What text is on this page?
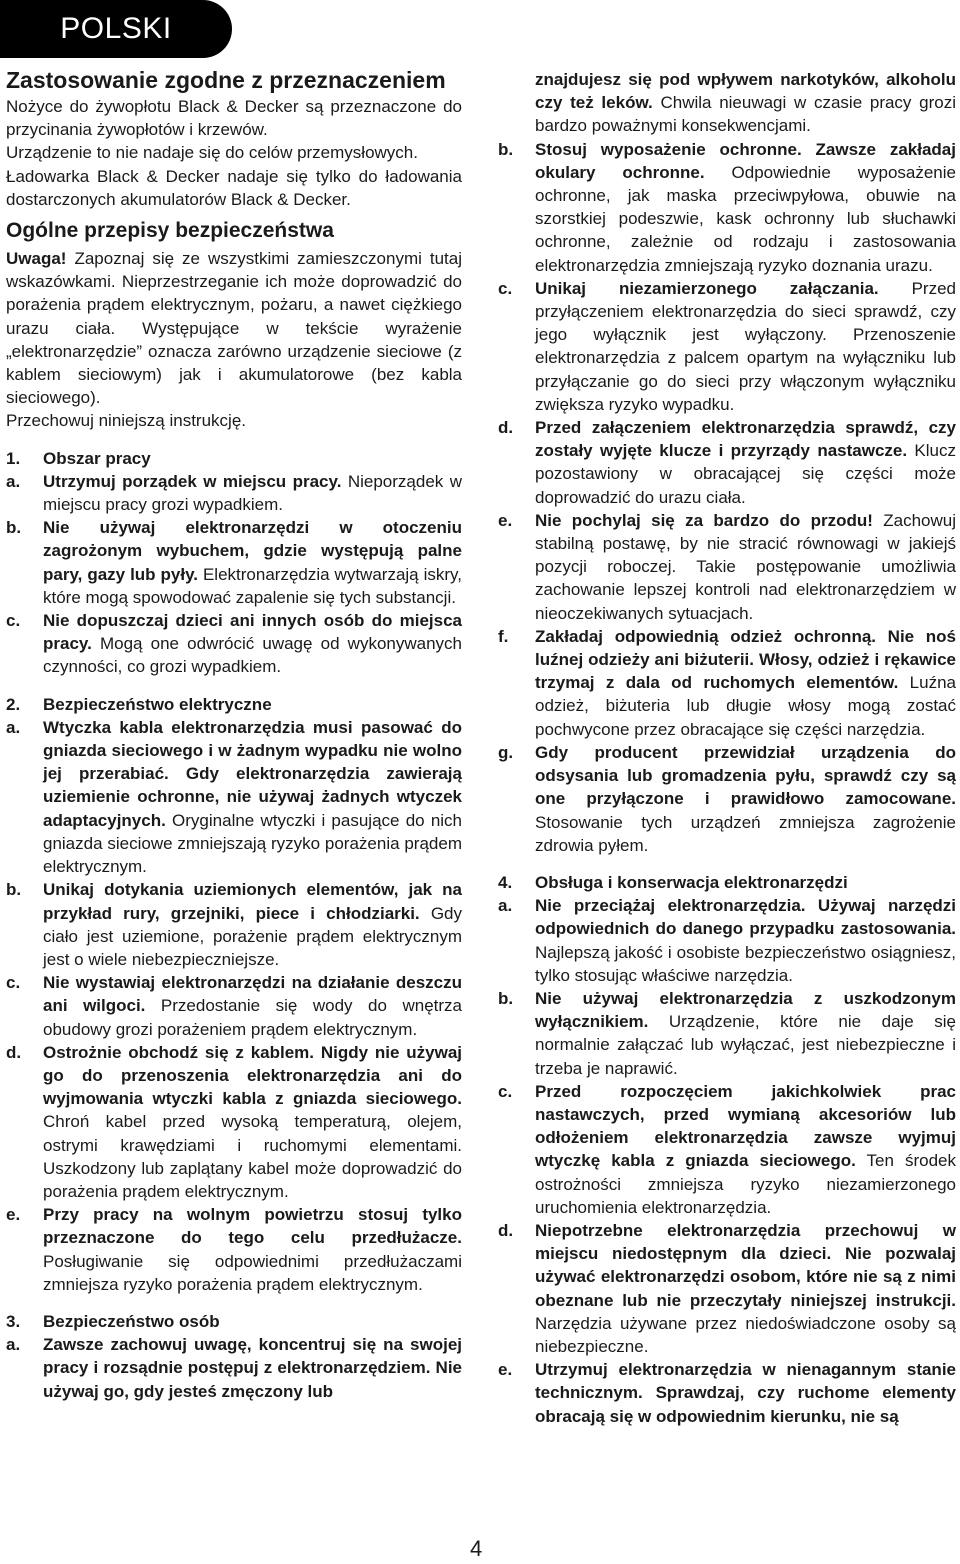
POLSKI
Zastosowanie zgodne z przeznaczeniem

Nożyce do żywopłotu Black & Decker są przeznaczone do przycinania żywopłotów i krzewów.

Urządzenie to nie nadaje się do celów przemysłowych.

Ładowarka Black & Decker nadaje się tylko do ładowania dostarczonych akumulatorów Black & Decker.

Ogólne przepisy bezpieczeństwa

Uwaga! Zapoznaj się ze wszystkimi zamieszczonymi tutaj wskazówkami. Nieprzestrzeganie ich może doprowadzić do porażenia prądem elektrycznym, pożaru, a nawet ciężkiego urazu ciała. Występujące w tekście wyrażenie „elektronarzędzie” oznacza zarówno urządzenie sieciowe (z kablem sieciowym) jak i akumulatorowe (bez kabla sieciowego).

Przechowuj niniejszą instrukcję.

1.	Obszar pracy
a.	Utrzymuj porządek w miejscu pracy. Nieporządek w miejscu pracy grozi wypadkiem.
b.	Nie używaj elektronarzędzi w otoczeniu zagrożonym wybuchem, gdzie występują palne pary, gazy lub pyły. Elektronarzędzia wytwarzają iskry, które mogą spowodować zapalenie się tych substancji.
c.	Nie dopuszczaj dzieci ani innych osób do miejsca pracy. Mogą one odwrócić uwagę od wykonywanych czynności, co grozi wypadkiem.
2.	Bezpieczeństwo elektryczne
a.	Wtyczka kabla elektronarzędzia musi pasować do gniazda sieciowego i w żadnym wypadku nie wolno jej przerabiać. Gdy elektronarzędzia zawierają uziemienie ochronne, nie używaj żadnych wtyczek adaptacyjnych. Oryginalne wtyczki i pasujące do nich gniazda sieciowe zmniejszają ryzyko porażenia prądem elektrycznym.
b.	Unikaj dotykania uziemionych elementów, jak na przykład rury, grzejniki, piece i chłodziarki. Gdy ciało jest uziemione, porażenie prądem elektrycznym jest o wiele niebezpieczniejsze.
c.	Nie wystawiaj elektronarzędzi na działanie deszczu ani wilgoci. Przedostanie się wody do wnętrza obudowy grozi porażeniem prądem elektrycznym.
d.	Ostrożnie obchodź się z kablem. Nigdy nie używaj go do przenoszenia elektronarzędzia ani do wyjmowania wtyczki kabla z gniazda sieciowego. Chroń kabel przed wysoką temperaturą, olejem, ostrymi krawędziami i ruchomymi elementami. Uszkodzony lub zaplątany kabel może doprowadzić do porażenia prądem elektrycznym.
e.	Przy pracy na wolnym powietrzu stosuj tylko przeznaczone do tego celu przedłużacze. Posługiwanie się odpowiednimi przedłużaczami zmniejsza ryzyko porażenia prądem elektrycznym.
3.	Bezpieczeństwo osób
a.	Zawsze zachowuj uwagę, koncentruj się na swojej pracy i rozsądnie postępuj z elektronarzędziem. Nie używaj go, gdy jesteś zmęczony lub
znajdujesz się pod wpływem narkotyków, alkoholu czy też leków. Chwila nieuwagi w czasie pracy grozi bardzo poważnymi konsekwencjami.
b.	Stosuj wyposażenie ochronne. Zawsze zakładaj okulary ochronne. Odpowiednie wyposażenie ochronne, jak maska przeciwpyłowa, obuwie na szorstkiej podeszwie, kask ochronny lub słuchawki ochronne, zależnie od rodzaju i zastosowania elektronarzędzia zmniejszają ryzyko doznania urazu.
c.	Unikaj niezamierzonego załączania. Przed przyłączeniem elektronarzędzia do sieci sprawdź, czy jego wyłącznik jest wyłączony. Przenoszenie elektronarzędzia z palcem opartym na wyłączniku lub przyłączanie go do sieci przy włączonym wyłączniku zwiększa ryzyko wypadku.
d.	Przed załączeniem elektronarzędzia sprawdź, czy zostały wyjęte klucze i przyrządy nastawcze. Klucz pozostawiony w obracającej się części może doprowadzić do urazu ciała.
e.	Nie pochylaj się za bardzo do przodu! Zachowuj stabilną postawę, by nie stracić równowagi w jakiejś pozycji roboczej. Takie postępowanie umożliwia zachowanie lepszej kontroli nad elektronarzędziem w nieoczekiwanych sytuacjach.
f.	Zakładaj odpowiednią odzież ochronną. Nie noś luźnej odzieży ani biżuterii. Włosy, odzież i rękawice trzymaj z dala od ruchomych elementów. Luźna odzież, biżuteria lub długie włosy mogą zostać pochwycone przez obracające się części narzędzia.
g.	Gdy producent przewidział urządzenia do odsysania lub gromadzenia pyłu, sprawdź czy są one przyłączone i prawidłowo zamocowane. Stosowanie tych urządzeń zmniejsza zagrożenie zdrowia pyłem.
4.	Obsługa i konserwacja elektronarzędzi
a.	Nie przeciążaj elektronarzędzia. Używaj narzędzi odpowiednich do danego przypadku zastosowania. Najlepszą jakość i osobiste bezpieczeństwo osiągniesz, tylko stosując właściwe narzędzia.
b.	Nie używaj elektronarzędzia z uszkodzonym wyłącznikiem. Urządzenie, które nie daje się normalnie załączać lub wyłączać, jest niebezpieczne i trzeba je naprawić.
c.	Przed rozpoczęciem jakichkolwiek prac nastawczych, przed wymianą akcesoriów lub odłożeniem elektronarzędzia zawsze wyjmuj wtyczkę kabla z gniazda sieciowego. Ten środek ostrożności zmniejsza ryzyko niezamierzonego uruchomienia elektronarzędzia.
d.	Niepotrzebne elektronarzędzia przechowuj w miejscu niedostępnym dla dzieci. Nie pozwalaj używać elektronarzędzi osobom, które nie są z nimi obeznane lub nie przeczytały niniejszej instrukcji. Narzędzia używane przez niedoświadczone osoby są niebezpieczne.
e.	Utrzymuj elektronarzędzia w nienagannym stanie technicznym. Sprawdzaj, czy ruchome elementy obracają się w odpowiednim kierunku, nie są
4
